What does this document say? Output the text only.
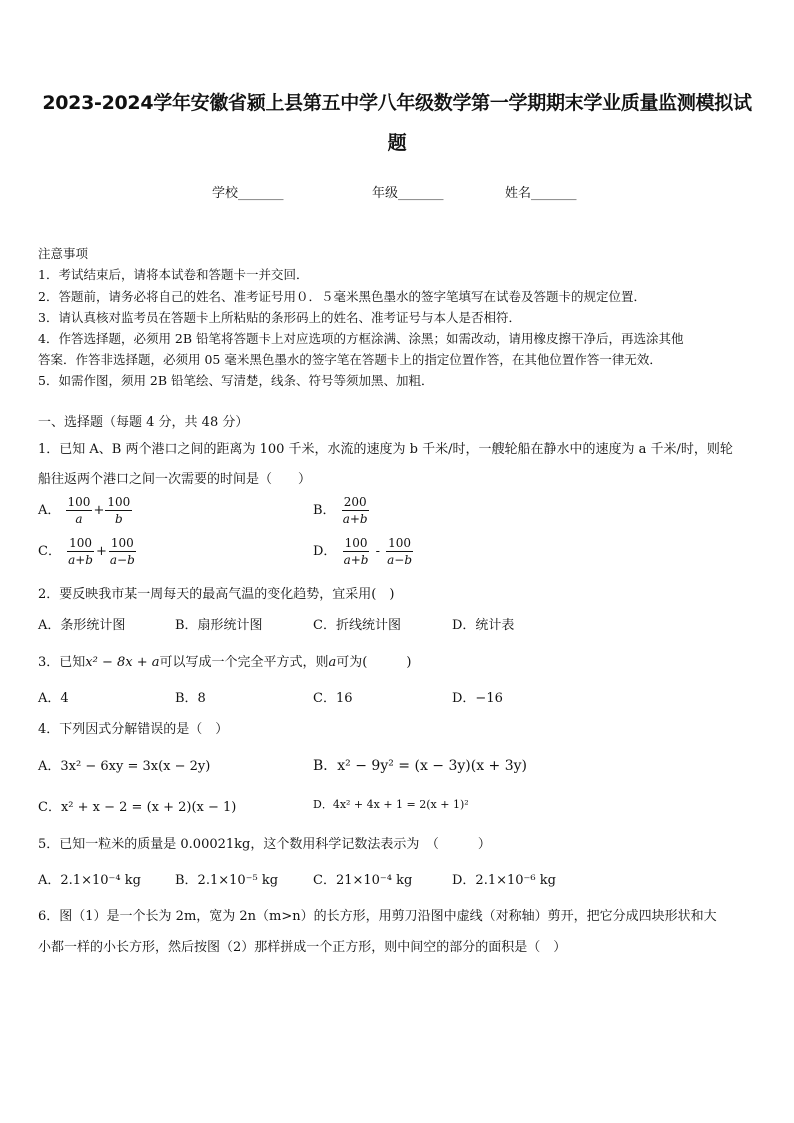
2023-2024学年安徽省颍上县第五中学八年级数学第一学期期末学业质量监测模拟试
题
学校_______	年级_______	姓名_______
注意事项
1．考试结束后，请将本试卷和答题卡一并交回．
2．答题前，请务必将自己的姓名、准考证号用０．５毫米黑色墨水的签字笔填写在试卷及答题卡的规定位置．
3．请认真核对监考员在答题卡上所粘贴的条形码上的姓名、准考证号与本人是否相符．
4．作答选择题，必须用 2B 铅笔将答题卡上对应选项的方框涂满、涂黑；如需改动，请用橡皮擦干净后，再选涂其他
答案．作答非选择题，必须用 05 毫米黑色墨水的签字笔在答题卡上的指定位置作答，在其他位置作答一律无效．
5．如需作图，须用 2B 铅笔绘、写清楚，线条、符号等须加黑、加粗．
一、选择题（每题 4 分，共 48 分）
1．已知 A、B 两个港口之间的距离为 100 千米，水流的速度为 b 千米/时，一艘轮船在静水中的速度为 a 千米/时，则轮
船往返两个港口之间一次需要的时间是（　　）
A． $\frac{100}{a} + \frac{100}{b}$	B． $\frac{200}{a+b}$
C． $\frac{100}{a+b} + \frac{100}{a-b}$	D． $\frac{100}{a+b} - \frac{100}{a-b}$
2．要反映我市某一周每天的最高气温的变化趋势，宜采用(　)
A．条形统计图	B．扇形统计图	C．折线统计图	D．统计表
3．已知x² − 8x + a可以写成一个完全平方式，则a可为(　　　)
A．4	B．8	C．16	D．−16
4．下列因式分解错误的是（　）
A．3x² − 6xy = 3x(x − 2y)	B．x² − 9y² = (x − 3y)(x + 3y)
C．x² + x − 2 = (x + 2)(x − 1)	D．4x² + 4x + 1 = 2(x + 1)²
5．已知一粒米的质量是 0.00021kg，这个数用科学记数法表示为　（　　　）
A．2.1×10⁻⁴ kg	B．2.1×10⁻⁵ kg	C．21×10⁻⁴ kg	D．2.1×10⁻⁶ kg
6．图（1）是一个长为 2m，宽为 2n（m>n）的长方形，用剪刀沿图中虚线（对称轴）剪开，把它分成四块形状和大
小都一样的小长方形，然后按图（2）那样拼成一个正方形，则中间空的部分的面积是（　）
